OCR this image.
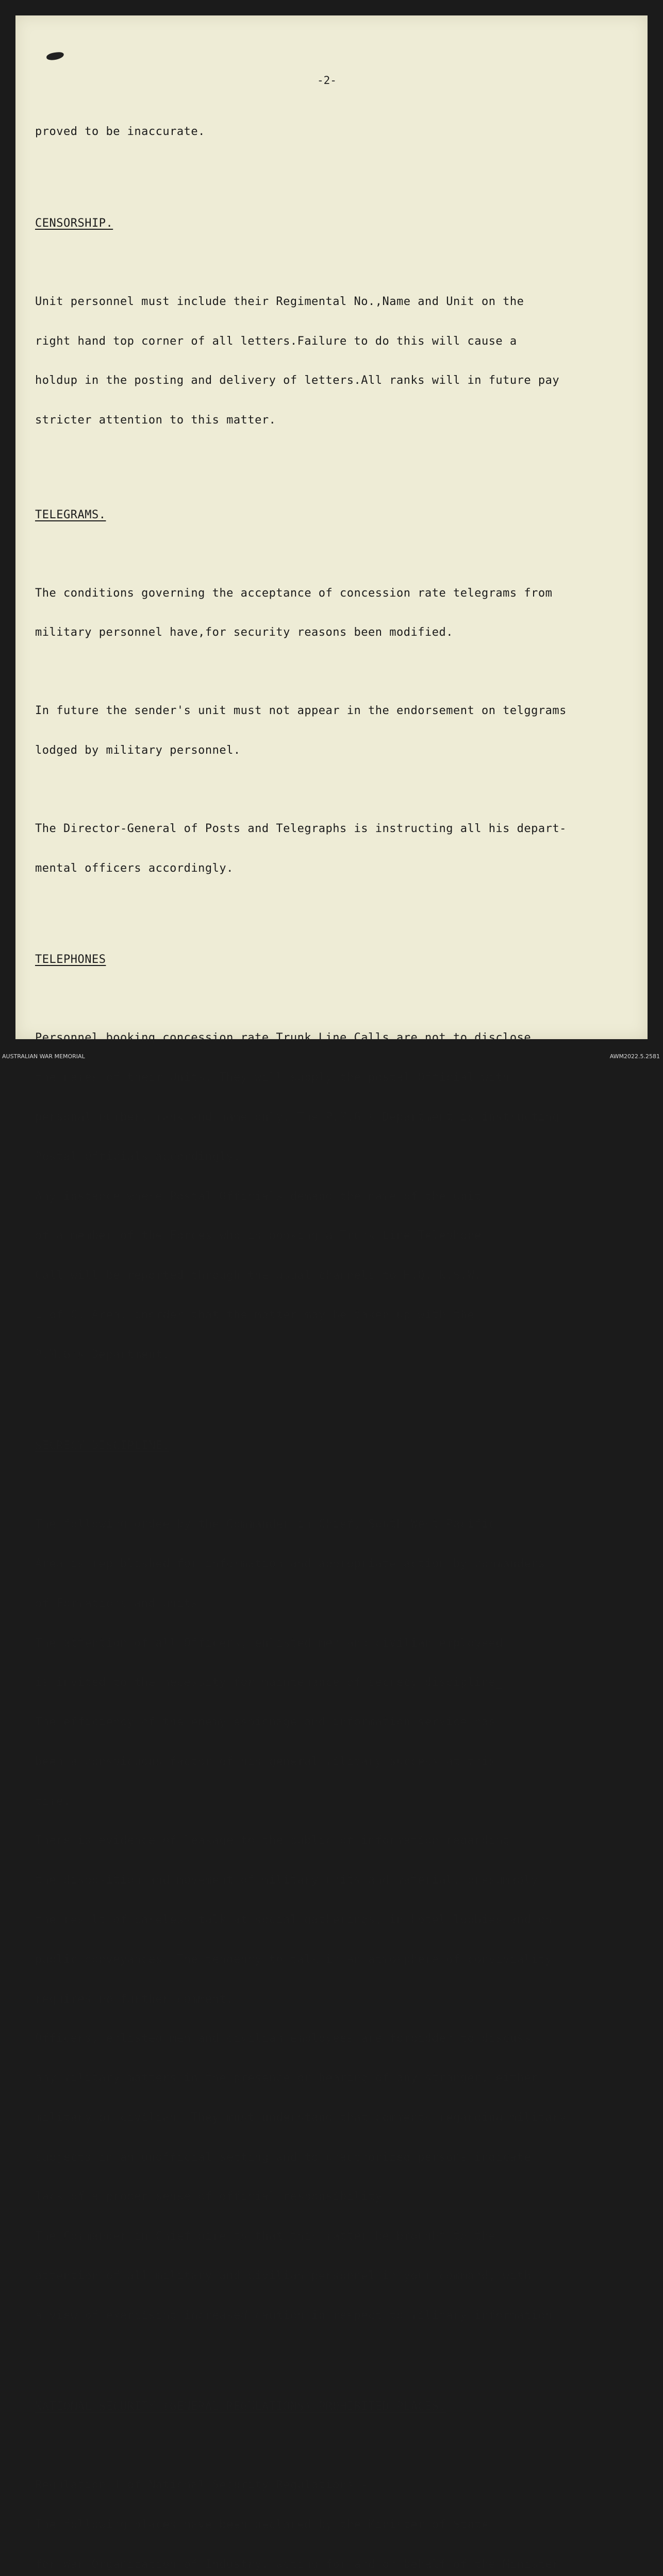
-2-

proved to be inaccurate.

CENSORSHIP.

Unit personnel must include their Regimental No.,Name and Unit on the

right hand top corner of all letters.Failure to do this will cause a

holdup in the posting and delivery of letters.All ranks will in future pay

stricter attention to this matter.

TELEGRAMS.

The conditions governing the acceptance of concession rate telegrams from

military personnel have,for security reasons been modified.

In future the sender's unit must not appear in the endorsement on telggrams

lodged by military personnel.

The Director-General of Posts and Telegraphs is instructing all his depart-

mental officers accordingly.

TELEPHONES

Personnel booking concession rate Trunk Line Calls are not to disclose

the names of their Units. They will supply the postal Official with

personal number, rank and name only. The P.M.G's Department is instructing

Postal Officials accordingly.

Any instance where Postal Officials demand the name of the unit

of a member of the Forces who is booking a Trunk Line Telephone

Call will be reported through the usual channels to H.Q. N.S.W.

L of C. Area. inorder that the matter may be taken up with the

P.M.G's Department.

SECRECY DISCIPLINE.

The following ordee by the Commander-in-Chief, South West Pacific

Area is republished for information and appropriate action by commanders

of Formations and units -

The attention of all Officers, enlisted men and civilian employeed

is invited to the necessity for maintenance of secrecy discipline_

The efficiency of the enemy espionage and information service has

been a conspicuous factor of his general military success at this

time.

There is evidence of leakage to the public of information regarding

the disposition and movement of military units and material, presumably

the result of careless talk at social gatherings, in hotel lobbies and on

public conveyances_ The tendency to talk in an atmosphere of conviviality

requires no further comment.

Officers, enlisted men and civilian employees are forbidden to discuss

any military matters in the presence or hearing of any stranger, either

military or civilian_ They must understand that comments regarding military

subjects in an unofficial setting and to unauthorized persons indicate

lack of a proper sense of official responsibility_

The Commander in Chief directs that this matter be brought to the

attention of all military and civilian personnel in your command, with

a view of exercising increased caution in respect to military information_

NATIONAL SECURITY (GENERAL REGULATIONS) PROHIBITED PLACES.

Regulation 4 of National Security Regulations -

The following places have been declared by the Minister of State

for War Organization of Industry, acting for and on behalf of the Minister

AUSTRALIAN WAR MEMORIAL	AWM2022.5.2581
